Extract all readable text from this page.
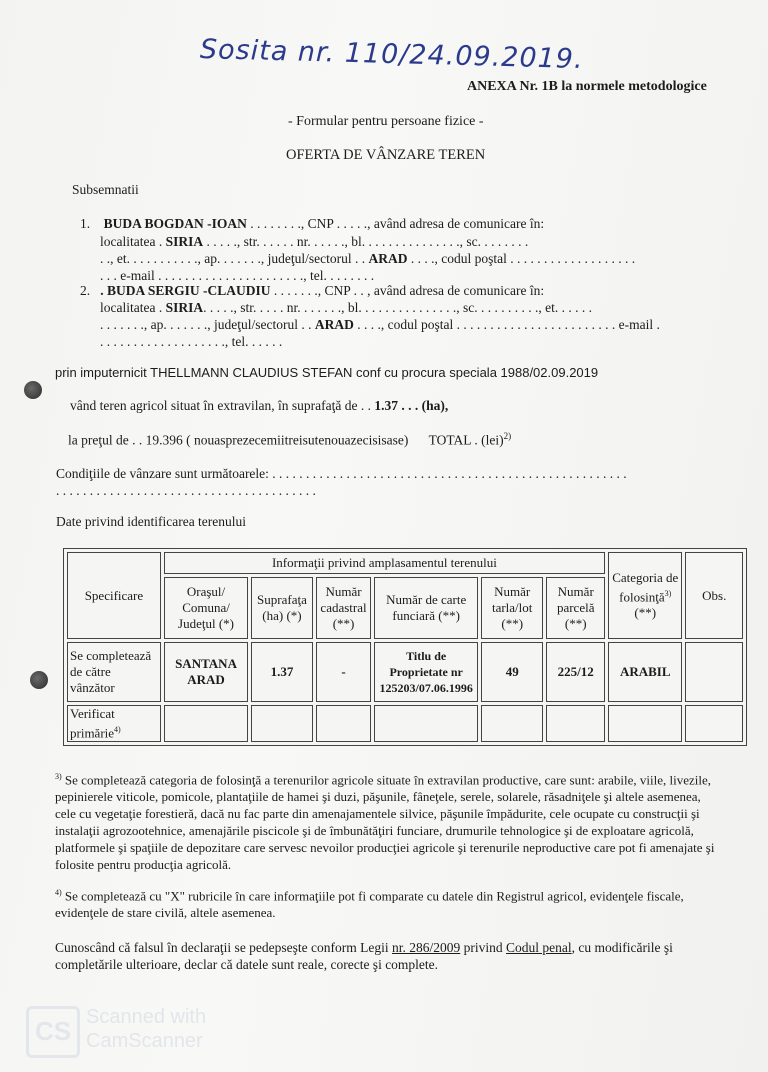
Sosita nr. 110/24.09.2019.
ANEXA Nr. 1B la normele metodologice
- Formular pentru persoane fizice -
OFERTA DE VÂNZARE TEREN
Subsemnatii
1. BUDA BOGDAN -IOAN . . . . . . . ., CNP . . . . ., având adresa de comunicare în:
localitatea . SIRIA . . . . ., str. . . . . . nr. . . . . ., bl. . . . . . . . . . . . . . ., sc. . . . . . . .
. ., et. . . . . . . . . . ., ap. . . . . . ., judeţul/sectorul . . ARAD . . . ., codul poştal . . . . . . . . . . . . . . . . . . .
. . . e-mail . . . . . . . . . . . . . . . . . . . . . ., tel. . . . . . . .
2. . BUDA SERGIU -CLAUDIU . . . . . . ., CNP . . , având adresa de comunicare în:
localitatea . SIRIA. . . . ., str. . . . . nr. . . . . . ., bl. . . . . . . . . . . . . . ., sc. . . . . . . . . ., et. . . . . .
. . . . . . ., ap. . . . . . ., judeţul/sectorul . . ARAD . . . ., codul poştal . . . . . . . . . . . . . . . . . . . . . . . . e-mail .
. . . . . . . . . . . . . . . . . . ., tel. . . . . .
prin imputernicit THELLMANN CLAUDIUS STEFAN conf cu procura speciala 1988/02.09.2019
vând teren agricol situat în extravilan, în suprafaţă de . . 1.37 . . . (ha),
la preţul de . . 19.396 ( nouasprezecemiitreisutenouazecisisase) TOTAL . (lei)$^{2)}$
Condiţiile de vânzare sunt următoarele: . . . . . . . . . . . . . . . . . . . . . . . . . . . . . . . . . . . . . . . . . . . . . . . . . . . . .
. . . . . . . . . . . . . . . . . . . . . . . . . . . . . . . . . . . . . . .
Date privind identificarea terenului
Specificare	Informaţii privind amplasamentul terenului						Categoria de folosinţă$^{3)}$ (**)	Obs.
	Oraşul/ Comuna/ Judeţul (*)	Suprafaţa (ha) (*)	Număr cadastral (**)	Număr de carte funciară (**)	Număr tarla/lot (**)	Număr parcelă (**)		
Se completează de către vânzător	SANTANA ARAD	1.37	-	Titlu de Proprietate nr 125203/07.06.1996	49	225/12	ARABIL	
Verificat primărie$^{4)}$								
$^{3)}$ Se completează categoria de folosinţă a terenurilor agricole situate în extravilan productive, care sunt: arabile, viile, livezile, pepinierele viticole, pomicole, plantaţiile de hamei şi duzi, păşunile, fâneţele, serele, solarele, răsadniţele şi altele asemenea, cele cu vegetaţie forestieră, dacă nu fac parte din amenajamentele silvice, păşunile împădurite, cele ocupate cu construcţii şi instalaţii agrozootehnice, amenajările piscicole şi de îmbunătăţiri funciare, drumurile tehnologice şi de exploatare agricolă, platformele şi spaţiile de depozitare care servesc nevoilor producţiei agricole şi terenurile neproductive care pot fi amenajate şi folosite pentru producţia agricolă.
$^{4)}$ Se completează cu "X" rubricile în care informaţiile pot fi comparate cu datele din Registrul agricol, evidenţele fiscale, evidenţele de stare civilă, altele asemenea.
Cunoscând că falsul în declaraţii se pedepseşte conform Legii nr. 286/2009 privind Codul penal, cu modificările şi completările ulterioare, declar că datele sunt reale, corecte şi complete.
CS Scanned with
CamScanner
